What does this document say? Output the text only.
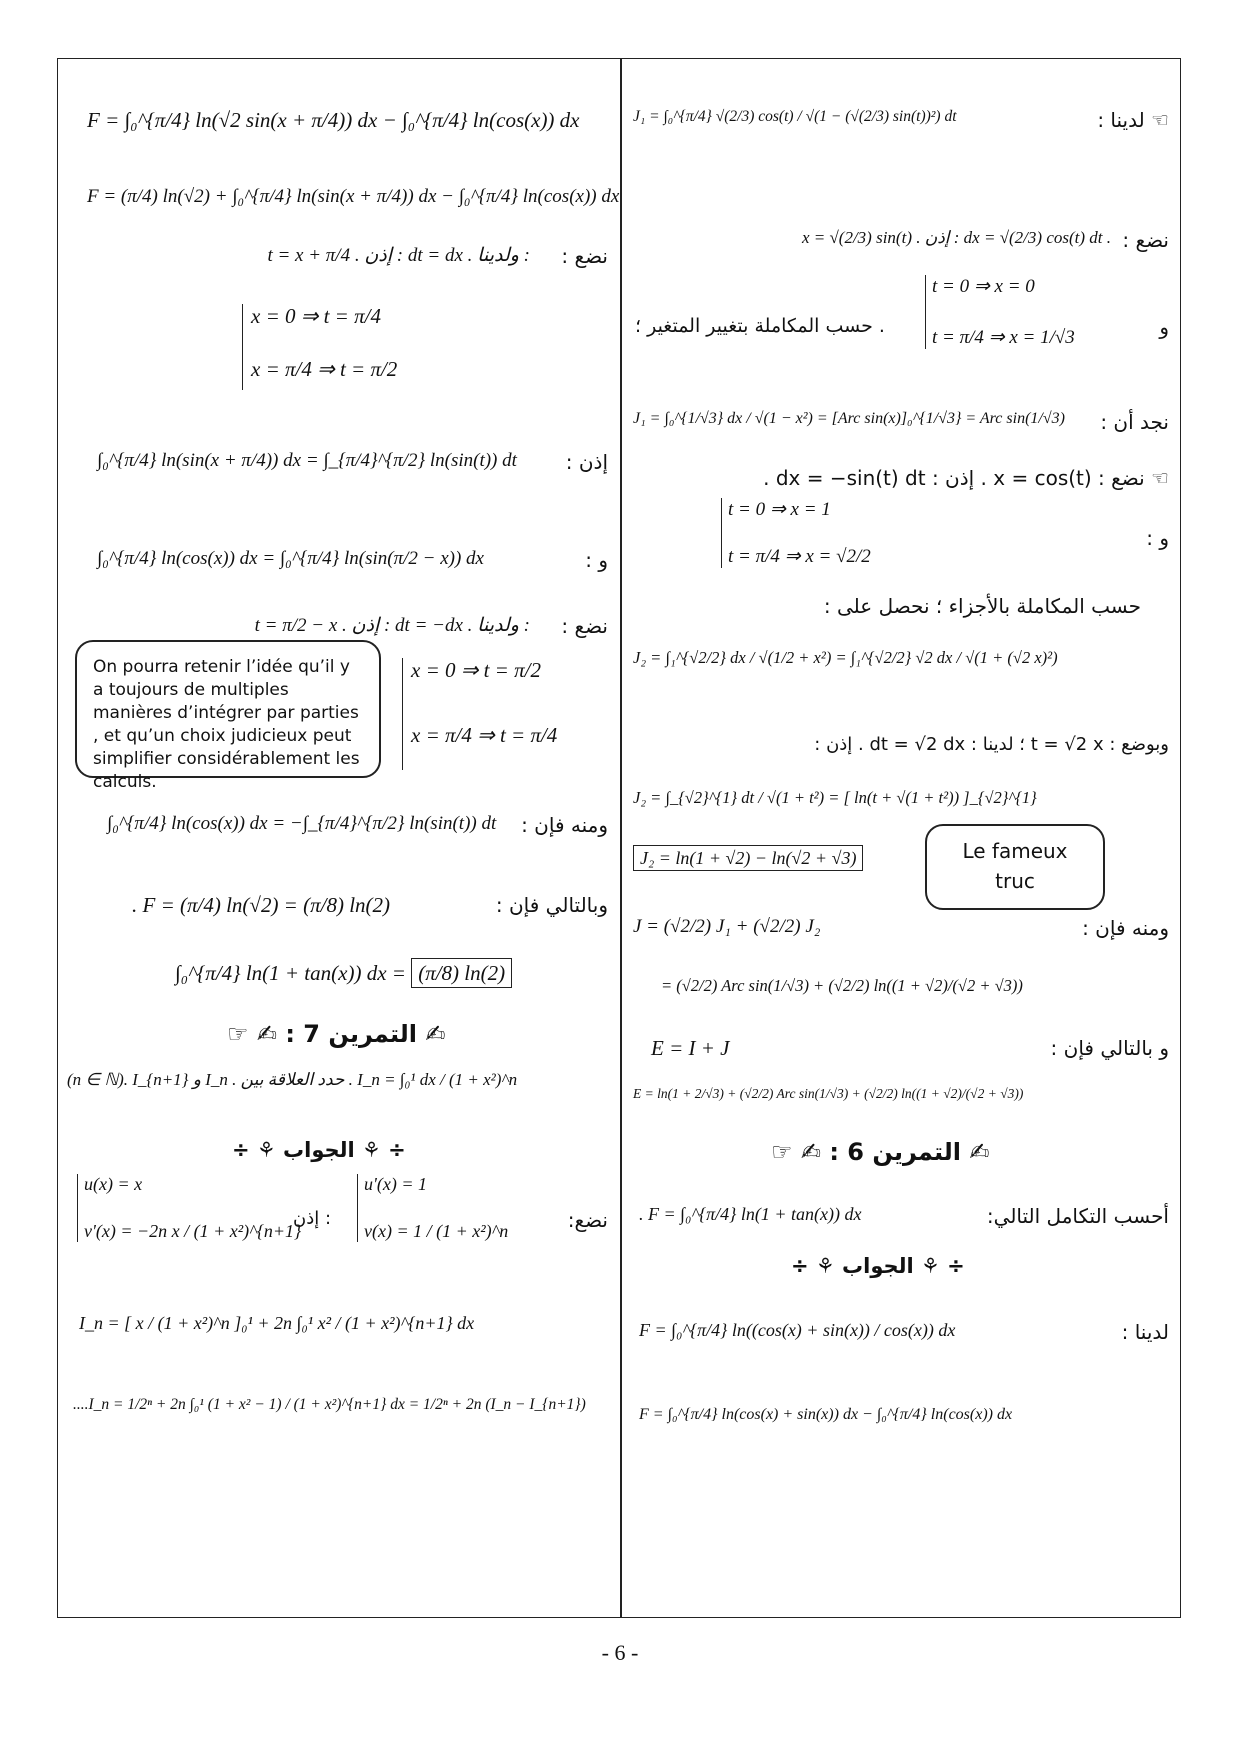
F = ∫₀^{π/4} ln(√2 sin(x + π/4)) dx − ∫₀^{π/4} ln(cos(x)) dx
F = (π/4) ln(√2) + ∫₀^{π/4} ln(sin(x + π/4)) dx − ∫₀^{π/4} ln(cos(x)) dx
نضع :
t = x + π/4 . إذن : dt = dx . ولدينا :
x = 0 ⇒ t = π/4
x = π/4 ⇒ t = π/2
إذن :
∫₀^{π/4} ln(sin(x + π/4)) dx = ∫_{π/4}^{π/2} ln(sin(t)) dt
و :
∫₀^{π/4} ln(cos(x)) dx = ∫₀^{π/4} ln(sin(π/2 − x)) dx
نضع :
t = π/2 − x . إذن : dt = −dx . ولدينا :
On pourra retenir l’idée qu’il y a toujours de multiples manières d’intégrer par parties , et qu’un choix judicieux peut simplifier considérablement les calculs.
x = 0 ⇒ t = π/2
x = π/4 ⇒ t = π/4
ومنه فإن :
∫₀^{π/4} ln(cos(x)) dx = −∫_{π/4}^{π/2} ln(sin(t)) dt
وبالتالي فإن :
. F = (π/4) ln(√2) = (π/8) ln(2)
∫₀^{π/4} ln(1 + tan(x)) dx = (π/8) ln(2)
✍ التمرين 7 : ✍ ☞
(n ∈ ℕ). I_{n+1} و I_n . حدد العلاقة بين . I_n = ∫₀¹ dx / (1 + x²)^n
÷ ⚘ الجواب ⚘ ÷
نضع:
u'(x) = 1
v(x) = 1 / (1 + x²)^n
: إذن
u(x) = x
v'(x) = −2n x / (1 + x²)^{n+1}
I_n = [ x / (1 + x²)^n ]₀¹ + 2n ∫₀¹ x² / (1 + x²)^{n+1} dx
....I_n = 1/2ⁿ + 2n ∫₀¹ (1 + x² − 1) / (1 + x²)^{n+1} dx = 1/2ⁿ + 2n (I_n − I_{n+1})
☜ لدينا :
J₁ = ∫₀^{π/4} √(2/3) cos(t) / √(1 − (√(2/3) sin(t))²) dt
نضع :
x = √(2/3) sin(t) . إذن : dx = √(2/3) cos(t) dt .
و
t = 0 ⇒ x = 0
t = π/4 ⇒ x = 1/√3
. حسب المكاملة بتغيير المتغير ؛
نجد أن :
J₁ = ∫₀^{1/√3} dx / √(1 − x²) = [Arc sin(x)]₀^{1/√3} = Arc sin(1/√3)
☜ نضع : x = cos(t) . إذن : dx = −sin(t) dt .
و :
t = 0 ⇒ x = 1
t = π/4 ⇒ x = √2/2
حسب المكاملة بالأجزاء ؛ نحصل على :
J₂ = ∫₁^{√2/2} dx / √(1/2 + x²) = ∫₁^{√2/2} √2 dx / √(1 + (√2 x)²)
وبوضع : t = √2 x ؛ لدينا : dt = √2 dx . إذن :
J₂ = ∫_{√2}^{1} dt / √(1 + t²) = [ ln(t + √(1 + t²)) ]_{√2}^{1}
J₂ = ln(1 + √2) − ln(√2 + √3)	Le fameux truc
ومنه فإن :
J = (√2/2) J₁ + (√2/2) J₂
= (√2/2) Arc sin(1/√3) + (√2/2) ln((1 + √2)/(√2 + √3))
و بالتالي فإن :
E = I + J
E = ln(1 + 2/√3) + (√2/2) Arc sin(1/√3) + (√2/2) ln((1 + √2)/(√2 + √3))
✍ التمرين 6 : ✍ ☞
أحسب التكامل التالي:
. F = ∫₀^{π/4} ln(1 + tan(x)) dx
÷ ⚘ الجواب ⚘ ÷
لدينا :
F = ∫₀^{π/4} ln((cos(x) + sin(x)) / cos(x)) dx
F = ∫₀^{π/4} ln(cos(x) + sin(x)) dx − ∫₀^{π/4} ln(cos(x)) dx
- 6 -
